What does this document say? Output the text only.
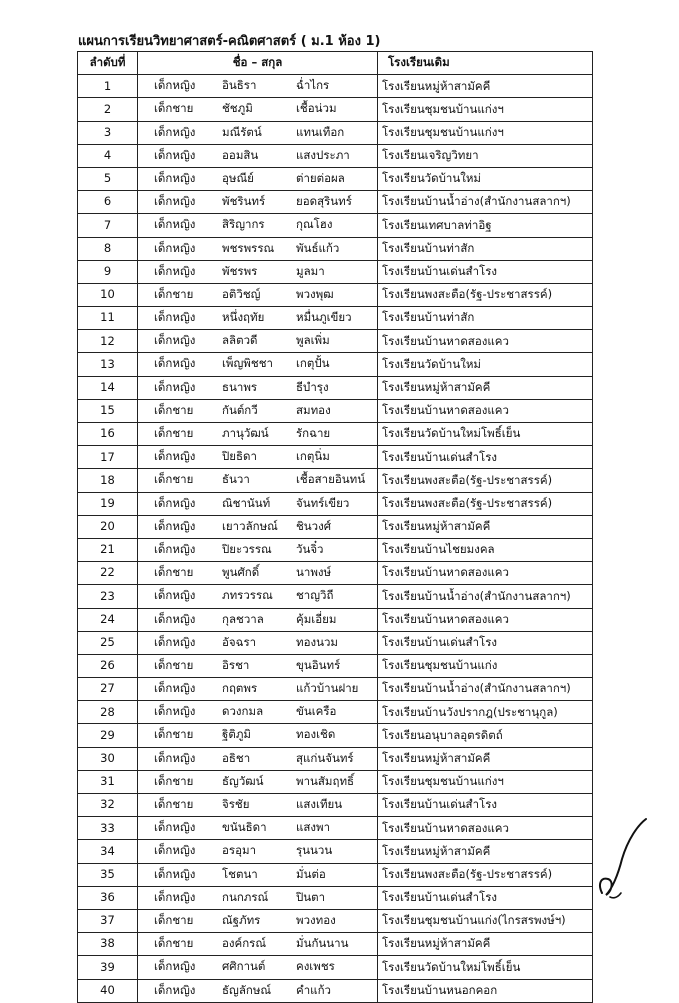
แผนการเรียนวิทยาศาสตร์-คณิตศาสตร์ ( ม.1 ห้อง 1)
ลำดับที่	ชื่อ – สกุล	โรงเรียนเดิม
1	เด็กหญิง อินธิรา ฉ่ำไกร	โรงเรียนหมู่ห้าสามัคคี
2	เด็กชาย ชัชภูมิ เชื้อน่วม	โรงเรียนชุมชนบ้านแก่งฯ
3	เด็กหญิง มณีรัตน์ แทนเทือก	โรงเรียนชุมชนบ้านแก่งฯ
4	เด็กหญิง ออมสิน แสงประภา	โรงเรียนเจริญวิทยา
5	เด็กหญิง อุษณีย์ ต่ายต่อผล	โรงเรียนวัดบ้านใหม่
6	เด็กหญิง พัชรินทร์ ยอดสุรินทร์	โรงเรียนบ้านน้ำอ่าง(สำนักงานสลากฯ)
7	เด็กหญิง สิริญากร กุณโฮง	โรงเรียนเทศบาลท่าอิฐ
8	เด็กหญิง พชรพรรณ พันธ์แก้ว	โรงเรียนบ้านท่าสัก
9	เด็กหญิง พัชรพร มูลมา	โรงเรียนบ้านเด่นสำโรง
10	เด็กชาย อติวิชญ์ พวงพุฒ	โรงเรียนพงสะตือ(รัฐ-ประชาสรรค์)
11	เด็กหญิง หนึ่งฤทัย หมื่นภูเขียว	โรงเรียนบ้านท่าสัก
12	เด็กหญิง ลลิตวดี พูลเพิ่ม	โรงเรียนบ้านหาดสองแคว
13	เด็กหญิง เพ็ญพิชชา เกตุปั้น	โรงเรียนวัดบ้านใหม่
14	เด็กหญิง ธนาพร ธีบำรุง	โรงเรียนหมู่ห้าสามัคคี
15	เด็กชาย กันต์กวี สมทอง	โรงเรียนบ้านหาดสองแคว
16	เด็กชาย ภานุวัฒน์ รักฉาย	โรงเรียนวัดบ้านใหม่โพธิ์เย็น
17	เด็กหญิง ปิยธิดา เกตุนิ่ม	โรงเรียนบ้านเด่นสำโรง
18	เด็กชาย ธันวา เชื้อสายอินทน์	โรงเรียนพงสะตือ(รัฐ-ประชาสรรค์)
19	เด็กหญิง ณิชานันท์ จันทร์เขียว	โรงเรียนพงสะตือ(รัฐ-ประชาสรรค์)
20	เด็กหญิง เยาวลักษณ์ ชินวงศ์	โรงเรียนหมู่ห้าสามัคคี
21	เด็กหญิง ปิยะวรรณ วันจิ๋ว	โรงเรียนบ้านไชยมงคล
22	เด็กชาย พูนศักดิ์ นาพงษ์	โรงเรียนบ้านหาดสองแคว
23	เด็กหญิง ภทรวรรณ ชาญวิถี	โรงเรียนบ้านน้ำอ่าง(สำนักงานสลากฯ)
24	เด็กหญิง กุลชวาล คุ้มเอี่ยม	โรงเรียนบ้านหาดสองแคว
25	เด็กหญิง อัจฉรา ทองนวม	โรงเรียนบ้านเด่นสำโรง
26	เด็กชาย อิรชา ขุนอินทร์	โรงเรียนชุมชนบ้านแก่ง
27	เด็กหญิง กฤตพร แก้วบ้านฝาย	โรงเรียนบ้านน้ำอ่าง(สำนักงานสลากฯ)
28	เด็กหญิง ดวงกมล ขันเครือ	โรงเรียนบ้านวังปรากฎ(ประชานุกูล)
29	เด็กชาย ฐิติภูมิ ทองเชิด	โรงเรียนอนุบาลอุตรดิตถ์
30	เด็กหญิง อธิชา สุแก่นจันทร์	โรงเรียนหมู่ห้าสามัคคี
31	เด็กชาย ธัญวัฒน์ พานสัมฤทธิ์	โรงเรียนชุมชนบ้านแก่งฯ
32	เด็กชาย จิรชัย แสงเทียน	โรงเรียนบ้านเด่นสำโรง
33	เด็กหญิง ขนันธิดา แสงพา	โรงเรียนบ้านหาดสองแคว
34	เด็กหญิง อรอุมา รุนนวน	โรงเรียนหมู่ห้าสามัคคี
35	เด็กหญิง โชตนา มั่นต่อ	โรงเรียนพงสะตือ(รัฐ-ประชาสรรค์)
36	เด็กหญิง กนกภรณ์ ปินตา	โรงเรียนบ้านเด่นสำโรง
37	เด็กชาย ณัฐภัทร พวงทอง	โรงเรียนชุมชนบ้านแก่ง(ไกรสรพงษ์ฯ)
38	เด็กชาย องค์กรณ์ มั่นกันนาน	โรงเรียนหมู่ห้าสามัคคี
39	เด็กหญิง ศศิกานต์ คงเพชร	โรงเรียนวัดบ้านใหม่โพธิ์เย็น
40	เด็กหญิง ธัญลักษณ์ คำแก้ว	โรงเรียนบ้านหนอกคอก
